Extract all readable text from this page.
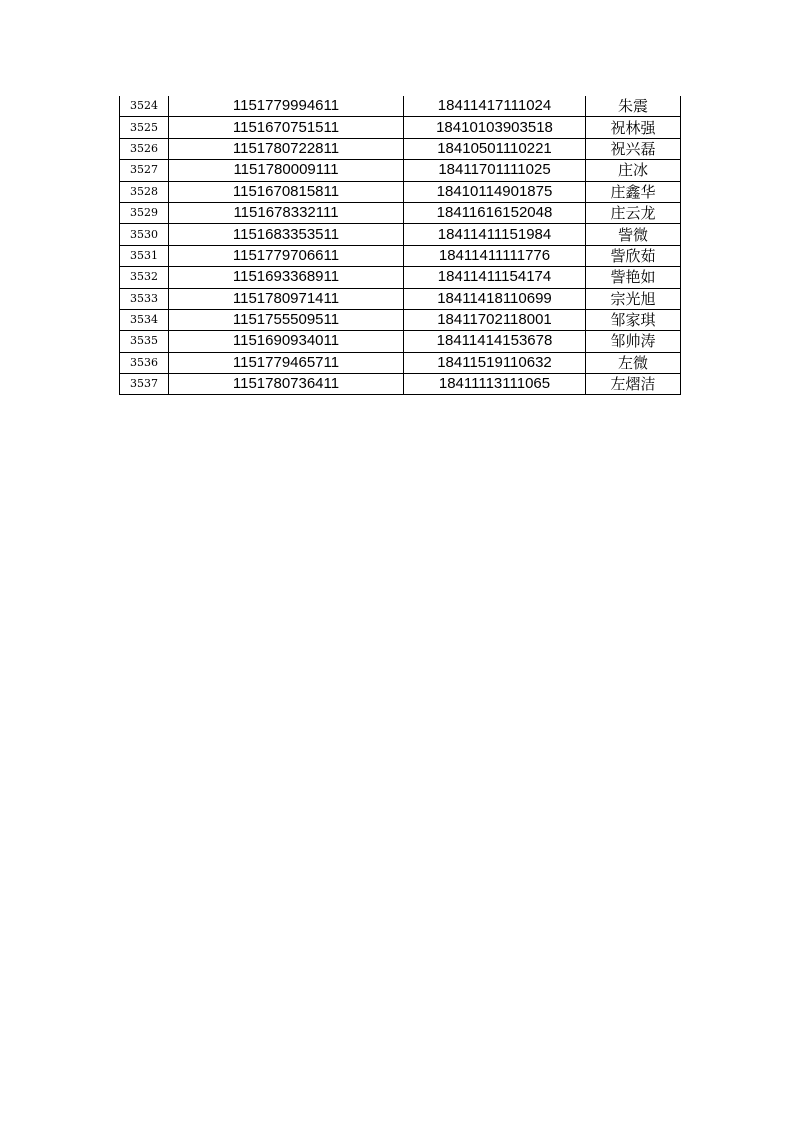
3524	1151779994611	18411417111024	朱震
3525	1151670751511	18410103903518	祝林强
3526	1151780722811	18410501110221	祝兴磊
3527	1151780009111	18411701111025	庄冰
3528	1151670815811	18410114901875	庄鑫华
3529	1151678332111	18411616152048	庄云龙
3530	1151683353511	18411411151984	訾微
3531	1151779706611	18411411111776	訾欣茹
3532	1151693368911	18411411154174	訾艳如
3533	1151780971411	18411418110699	宗光旭
3534	1151755509511	18411702118001	邹家琪
3535	1151690934011	18411414153678	邹帅涛
3536	1151779465711	18411519110632	左微
3537	1151780736411	18411113111065	左熠洁
